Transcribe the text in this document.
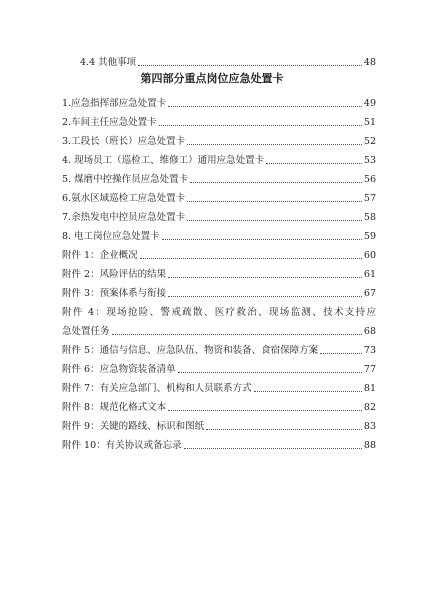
4.4 其他事项	48
第四部分重点岗位应急处置卡
1.应急指挥部应急处置卡	49
2.车间主任应急处置卡	51
3.工段长（班长）应急处置卡	52
4. 现场员工（巡检工、维修工）通用应急处置卡	53
5. 煤磨中控操作员应急处置卡	56
6.氨水区域巡检工应急处置卡	57
7.余热发电中控员应急处置卡	58
8. 电工岗位应急处置卡	59
附件 1：企业概况	60
附件 2：风险评估的结果	61
附件 3：预案体系与衔接	67
附件 4：现场抢险、警戒疏散、医疗救治、现场监测、技术支持应
急处置任务	68
附件 5：通信与信息、应急队伍、物资和装备、食宿保障方案	73
附件 6：应急物资装备清单	77
附件 7：有关应急部门、机构和人员联系方式	81
附件 8：规范化格式文本	82
附件 9：关键的路线、标识和图纸	83
附件 10：有关协议或备忘录	88
